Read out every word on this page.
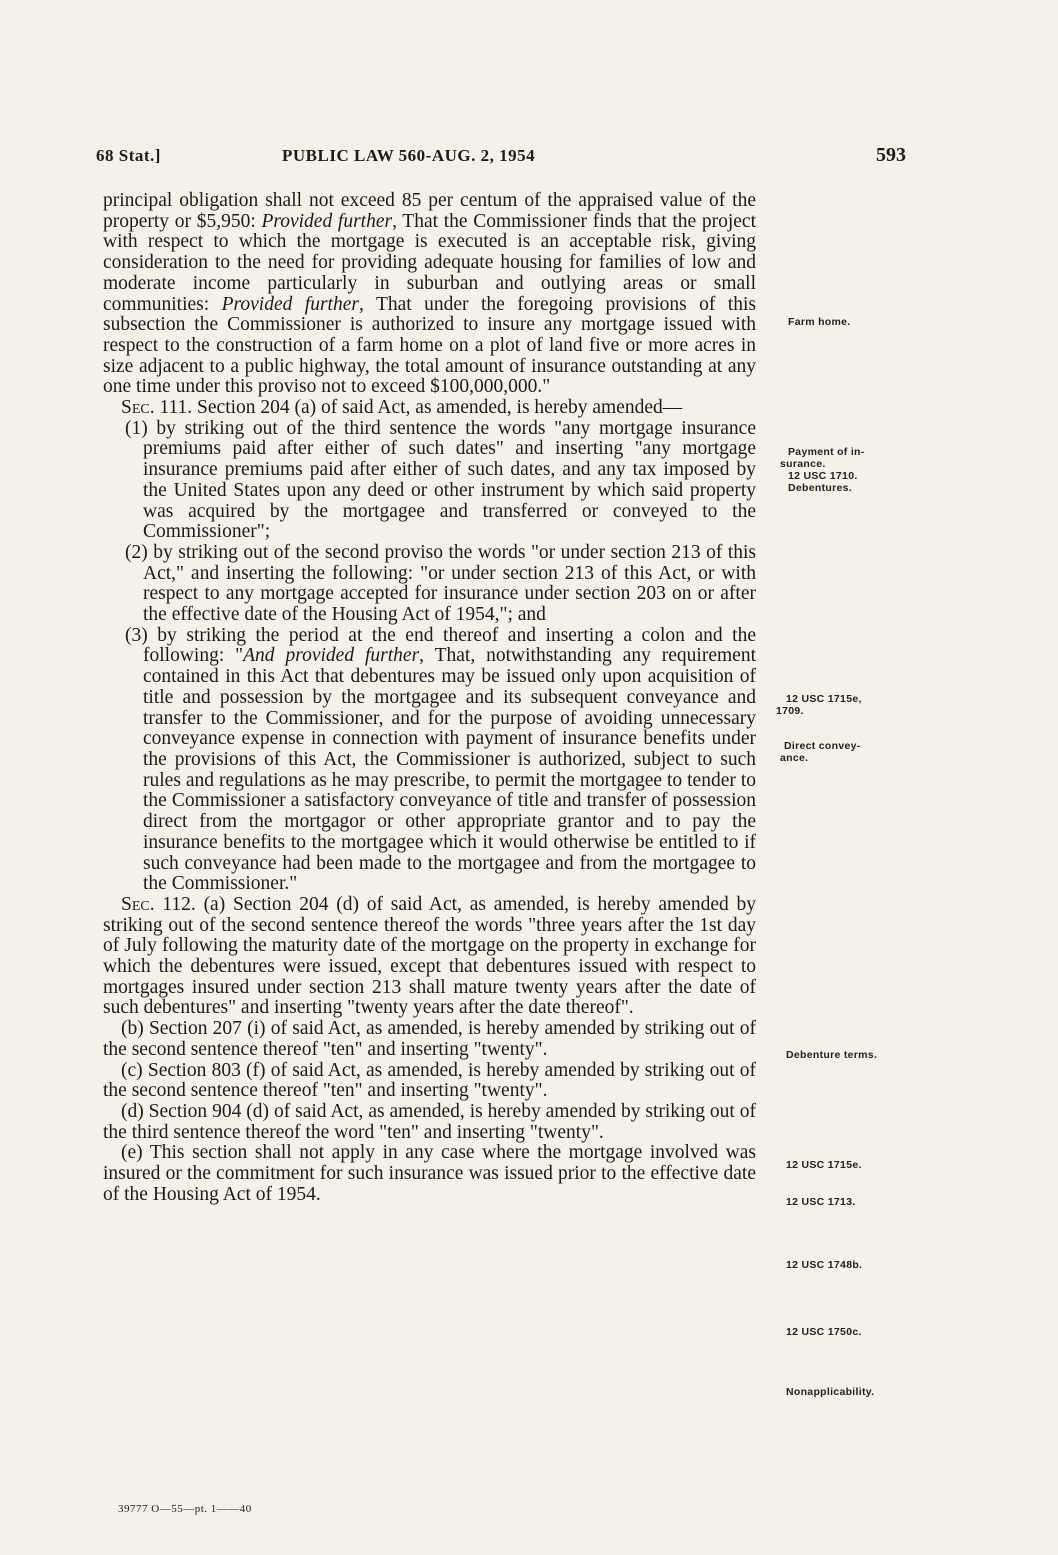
68 Stat.]	PUBLIC LAW 560-AUG. 2, 1954	593

principal obligation shall not exceed 85 per centum of the appraised value of the property or $5,950: Provided further, That the Commissioner finds that the project with respect to which the mortgage is executed is an acceptable risk, giving consideration to the need for providing adequate housing for families of low and moderate income particularly in suburban and outlying areas or small communities: Provided further, That under the foregoing provisions of this subsection the Commissioner is authorized to insure any mortgage issued with respect to the construction of a farm home on a plot of land five or more acres in size adjacent to a public highway, the total amount of insurance outstanding at any one time under this proviso not to exceed $100,000,000."

Sec. 111. Section 204 (a) of said Act, as amended, is hereby amended—

(1) by striking out of the third sentence the words "any mortgage insurance premiums paid after either of such dates" and inserting "any mortgage insurance premiums paid after either of such dates, and any tax imposed by the United States upon any deed or other instrument by which said property was acquired by the mortgagee and transferred or conveyed to the Commissioner";

(2) by striking out of the second proviso the words "or under section 213 of this Act," and inserting the following: "or under section 213 of this Act, or with respect to any mortgage accepted for insurance under section 203 on or after the effective date of the Housing Act of 1954,"; and

(3) by striking the period at the end thereof and inserting a colon and the following: "And provided further, That, notwithstanding any requirement contained in this Act that debentures may be issued only upon acquisition of title and possession by the mortgagee and its subsequent conveyance and transfer to the Commissioner, and for the purpose of avoiding unnecessary conveyance expense in connection with payment of insurance benefits under the provisions of this Act, the Commissioner is authorized, subject to such rules and regulations as he may prescribe, to permit the mortgagee to tender to the Commissioner a satisfactory conveyance of title and transfer of possession direct from the mortgagor or other appropriate grantor and to pay the insurance benefits to the mortgagee which it would otherwise be entitled to if such conveyance had been made to the mortgagee and from the mortgagee to the Commissioner."

Sec. 112. (a) Section 204 (d) of said Act, as amended, is hereby amended by striking out of the second sentence thereof the words "three years after the 1st day of July following the maturity date of the mortgage on the property in exchange for which the debentures were issued, except that debentures issued with respect to mortgages insured under section 213 shall mature twenty years after the date of such debentures" and inserting "twenty years after the date thereof".

(b) Section 207 (i) of said Act, as amended, is hereby amended by striking out of the second sentence thereof "ten" and inserting "twenty".

(c) Section 803 (f) of said Act, as amended, is hereby amended by striking out of the second sentence thereof "ten" and inserting "twenty".

(d) Section 904 (d) of said Act, as amended, is hereby amended by striking out of the third sentence thereof the word "ten" and inserting "twenty".

(e) This section shall not apply in any case where the mortgage involved was insured or the commitment for such insurance was issued prior to the effective date of the Housing Act of 1954.

Farm home.
Payment of in-
surance.
12 USC 1710.
Debentures.
12 USC 1715e,
1709.
Direct convey-
ance.
Debenture terms.
12 USC 1715e.
12 USC 1713.
12 USC 1748b.
12 USC 1750c.
Nonapplicability.
39777 O—55—pt. 1——40
